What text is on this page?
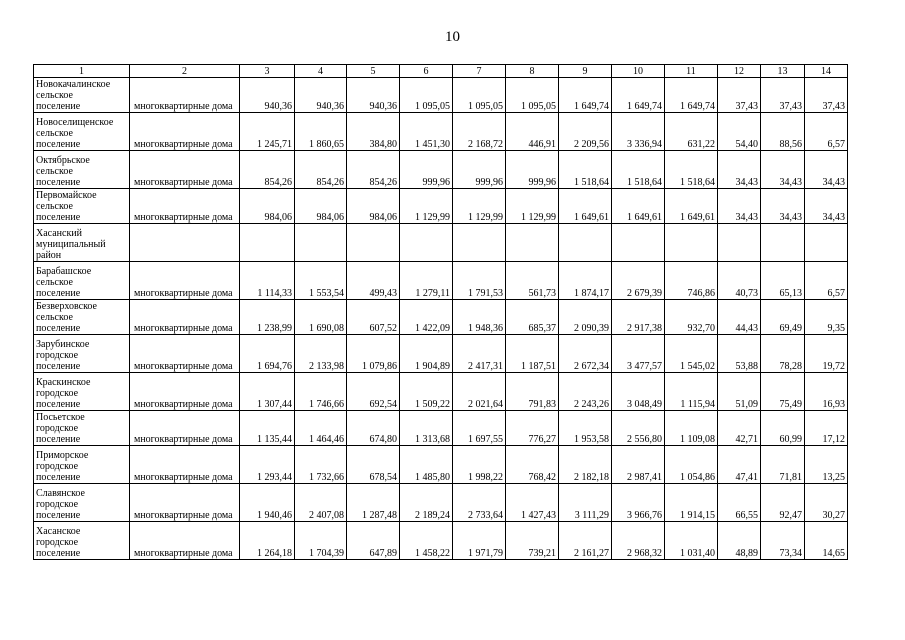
10
1	2	3	4	5	6	7	8	9	10	11	12	13	14

Новокачалинское
сельское
поселение	многоквартирные дома	940,36	940,36	940,36	1 095,05	1 095,05	1 095,05	1 649,74	1 649,74	1 649,74	37,43	37,43	37,43

Новоселищенское
сельское
поселение	многоквартирные дома	1 245,71	1 860,65	384,80	1 451,30	2 168,72	446,91	2 209,56	3 336,94	631,22	54,40	88,56	6,57

Октябрьское
сельское
поселение	многоквартирные дома	854,26	854,26	854,26	999,96	999,96	999,96	1 518,64	1 518,64	1 518,64	34,43	34,43	34,43

Первомайское
сельское
поселение	многоквартирные дома	984,06	984,06	984,06	1 129,99	1 129,99	1 129,99	1 649,61	1 649,61	1 649,61	34,43	34,43	34,43

Хасанский
муниципальный
район													

Барабашское
сельское
поселение	многоквартирные дома	1 114,33	1 553,54	499,43	1 279,11	1 791,53	561,73	1 874,17	2 679,39	746,86	40,73	65,13	6,57

Безверховское
сельское
поселение	многоквартирные дома	1 238,99	1 690,08	607,52	1 422,09	1 948,36	685,37	2 090,39	2 917,38	932,70	44,43	69,49	9,35

Зарубинское
городское
поселение	многоквартирные дома	1 694,76	2 133,98	1 079,86	1 904,89	2 417,31	1 187,51	2 672,34	3 477,57	1 545,02	53,88	78,28	19,72

Краскинское
городское
поселение	многоквартирные дома	1 307,44	1 746,66	692,54	1 509,22	2 021,64	791,83	2 243,26	3 048,49	1 115,94	51,09	75,49	16,93

Посьетское
городское
поселение	многоквартирные дома	1 135,44	1 464,46	674,80	1 313,68	1 697,55	776,27	1 953,58	2 556,80	1 109,08	42,71	60,99	17,12

Приморское
городское
поселение	многоквартирные дома	1 293,44	1 732,66	678,54	1 485,80	1 998,22	768,42	2 182,18	2 987,41	1 054,86	47,41	71,81	13,25

Славянское
городское
поселение	многоквартирные дома	1 940,46	2 407,08	1 287,48	2 189,24	2 733,64	1 427,43	3 111,29	3 966,76	1 914,15	66,55	92,47	30,27

Хасанское
городское
поселение	многоквартирные дома	1 264,18	1 704,39	647,89	1 458,22	1 971,79	739,21	2 161,27	2 968,32	1 031,40	48,89	73,34	14,65
